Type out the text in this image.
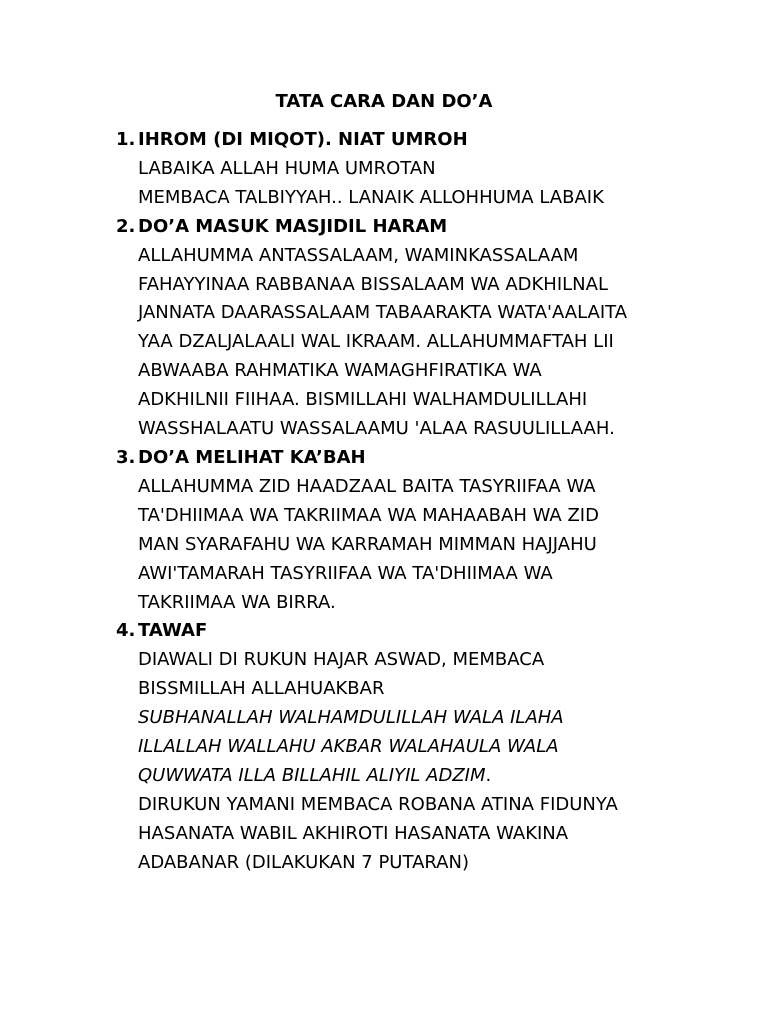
TATA CARA DAN DO’A
1. IHROM (DI MIQOT). NIAT UMROH
LABAIKA ALLAH HUMA UMROTAN
MEMBACA TALBIYYAH.. LANAIK ALLOHHUMA LABAIK
2. DO’A MASUK MASJIDIL HARAM
ALLAHUMMA ANTASSALAAM, WAMINKASSALAAM
FAHAYYINAA RABBANAA BISSALAAM WA ADKHILNAL
JANNATA DAARASSALAAM TABAARAKTA WATA'AALAITA
YAA DZALJALAALI WAL IKRAAM. ALLAHUMMAFTAH LII
ABWAABA RAHMATIKA WAMAGHFIRATIKA WA
ADKHILNII FIIHAA. BISMILLAHI WALHAMDULILLAHI
WASSHALAATU WASSALAAMU 'ALAA RASUULILLAAH.
3. DO’A MELIHAT KA’BAH
ALLAHUMMA ZID HAADZAAL BAITA TASYRIIFAA WA
TA'DHIIMAA WA TAKRIIMAA WA MAHAABAH WA ZID
MAN SYARAFAHU WA KARRAMAH MIMMAN HAJJAHU
AWI'TAMARAH TASYRIIFAA WA TA'DHIIMAA WA
TAKRIIMAA WA BIRRA.
4. TAWAF
DIAWALI DI RUKUN HAJAR ASWAD, MEMBACA
BISSMILLAH ALLAHUAKBAR
SUBHANALLAH WALHAMDULILLAH WALA ILAHA
ILLALLAH WALLAHU AKBAR WALAHAULA WALA
QUWWATA ILLA BILLAHIL ALIYIL ADZIM.
DIRUKUN YAMANI MEMBACA ROBANA ATINA FIDUNYA
HASANATA WABIL AKHIROTI HASANATA WAKINA
ADABANAR (DILAKUKAN 7 PUTARAN)
